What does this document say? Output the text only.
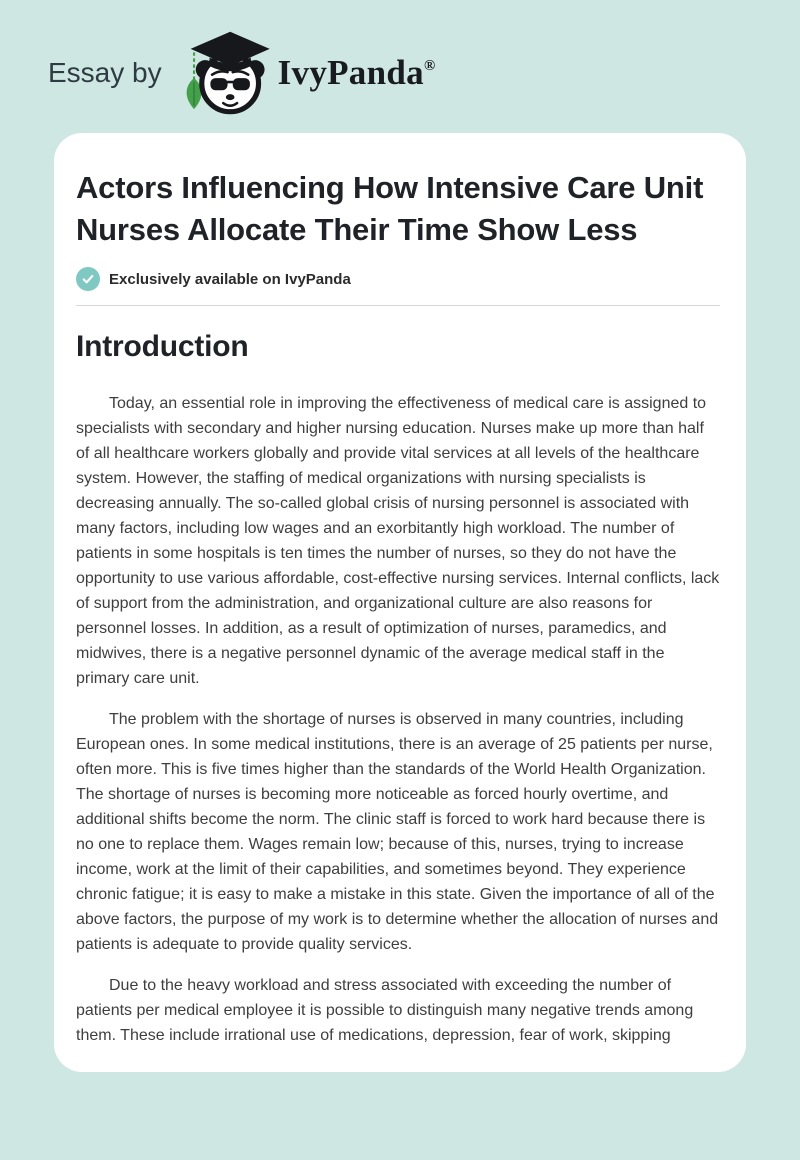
Essay by	IvyPanda®
Actors Influencing How Intensive Care Unit Nurses Allocate Their Time Show Less
Exclusively available on IvyPanda
Introduction

Today, an essential role in improving the effectiveness of medical care is assigned to specialists with secondary and higher nursing education. Nurses make up more than half of all healthcare workers globally and provide vital services at all levels of the healthcare system. However, the staffing of medical organizations with nursing specialists is decreasing annually. The so-called global crisis of nursing personnel is associated with many factors, including low wages and an exorbitantly high workload. The number of patients in some hospitals is ten times the number of nurses, so they do not have the opportunity to use various affordable, cost-effective nursing services. Internal conflicts, lack of support from the administration, and organizational culture are also reasons for personnel losses. In addition, as a result of optimization of nurses, paramedics, and midwives, there is a negative personnel dynamic of the average medical staff in the primary care unit.

The problem with the shortage of nurses is observed in many countries, including European ones. In some medical institutions, there is an average of 25 patients per nurse, often more. This is five times higher than the standards of the World Health Organization. The shortage of nurses is becoming more noticeable as forced hourly overtime, and additional shifts become the norm. The clinic staff is forced to work hard because there is no one to replace them. Wages remain low; because of this, nurses, trying to increase income, work at the limit of their capabilities, and sometimes beyond. They experience chronic fatigue; it is easy to make a mistake in this state. Given the importance of all of the above factors, the purpose of my work is to determine whether the allocation of nurses and patients is adequate to provide quality services.

Due to the heavy workload and stress associated with exceeding the number of patients per medical employee it is possible to distinguish many negative trends among them. These include irrational use of medications, depression, fear of work, skipping
